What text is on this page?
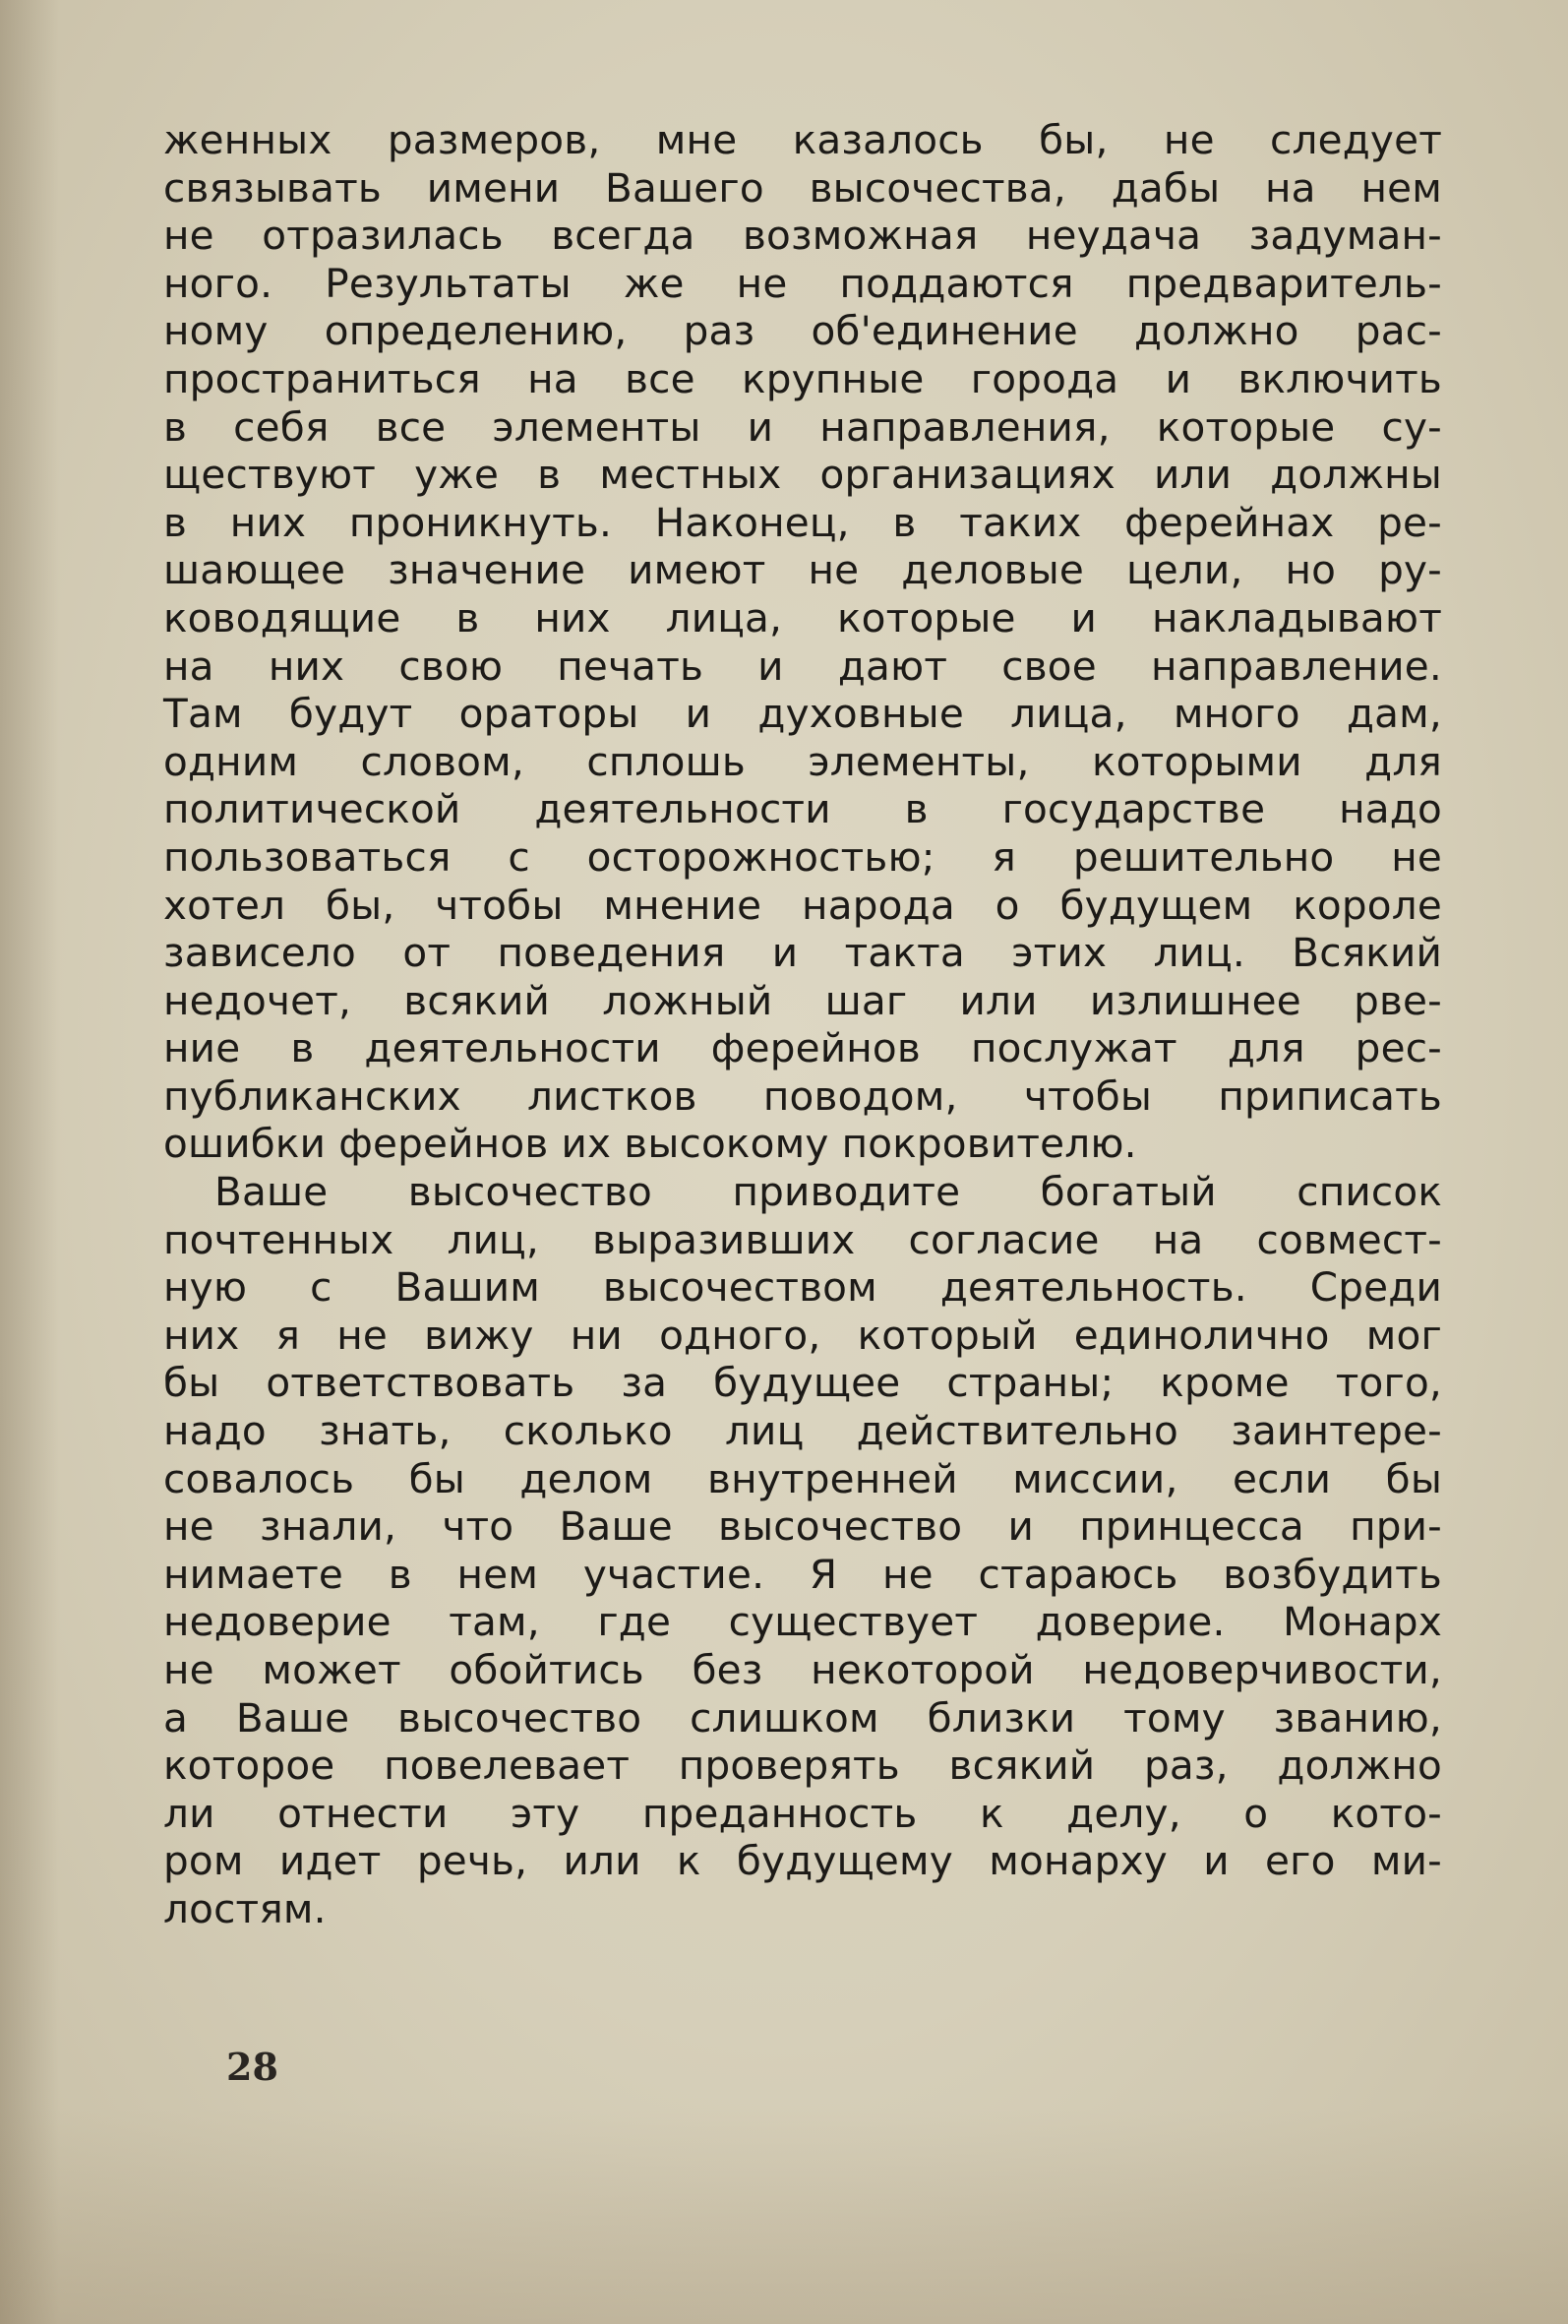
женных размеров, мне казалось бы, не следует
связывать имени Вашего высочества, дабы на нем
не отразилась всегда возможная неудача задуман-
ного. Результаты же не поддаются предваритель-
ному определению, раз об'единение должно рас-
пространиться на все крупные города и включить
в себя все элементы и направления, которые су-
ществуют уже в местных организациях или должны
в них проникнуть. Наконец, в таких ферейнах ре-
шающее значение имеют не деловые цели, но ру-
ководящие в них лица, которые и накладывают
на них свою печать и дают свое направление.
Там будут ораторы и духовные лица, много дам,
одним словом, сплошь элементы, которыми для
политической деятельности в государстве надо
пользоваться с осторожностью; я решительно не
хотел бы, чтобы мнение народа о будущем короле
зависело от поведения и такта этих лиц. Всякий
недочет, всякий ложный шаг или излишнее рве-
ние в деятельности ферейнов послужат для рес-
публиканских листков поводом, чтобы приписать
ошибки ферейнов их высокому покровителю.
Ваше высочество приводите богатый список
почтенных лиц, выразивших согласие на совмест-
ную с Вашим высочеством деятельность. Среди
них я не вижу ни одного, который единолично мог
бы ответствовать за будущее страны; кроме того,
надо знать, сколько лиц действительно заинтере-
совалось бы делом внутренней миссии, если бы
не знали, что Ваше высочество и принцесса при-
нимаете в нем участие. Я не стараюсь возбудить
недоверие там, где существует доверие. Монарх
не может обойтись без некоторой недоверчивости,
а Ваше высочество слишком близки тому званию,
которое повелевает проверять всякий раз, должно
ли отнести эту преданность к делу, о кото-
ром идет речь, или к будущему монарху и его ми-
лостям.
28
